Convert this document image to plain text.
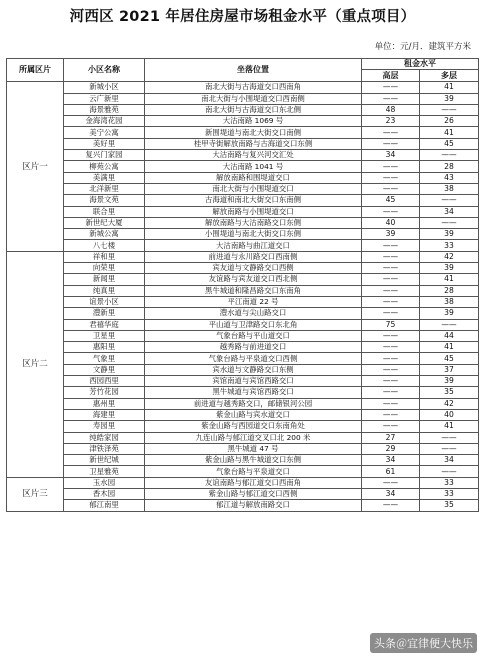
河西区 2021 年居住房屋市场租金水平（重点项目）
单位：元/月．建筑平方米
所属区片	小区名称	坐落位置	租金水平	
			高层	多层
区片一	新城小区	南北大街与古海道交口西南角	——	41
	云广新里	南北大街与小围堤道交口西南侧	——	39
	海景雅苑	南北大街与古海道交口东北侧	48	——
	金海湾花园	大沽南路 1069 号	23	26
	美宁公寓	新围堤道与南北大街交口南侧	——	41
	美好里	桂甲寺街解放南路与古海道交口东侧	——	45
	复兴门家园	大沽南路与复兴河交汇处	34	——
	柳苑公寓	大沽南路 1041 号	——	28
	美满里	解放南路和围堤道交口	——	43
	北洋新里	南北大街与小围堤道交口	——	38
	海景文苑	古海道和南北大街交口东南侧	45	——
	联合里	解放南路与小围堤道交口	——	34
	新世纪大厦	解放南路与大沽南路交口东侧	40	——
	新城公寓	小围堤道与南北大街交口东侧	39	39
	八七楼	大沽南路与曲江道交口	——	33
区片二	祥和里	前进道与永川路交口西南侧	——	42
	向荣里	宾友道与文静路交口西侧	——	39
	新闻里	友谊路与宾友道交口西北侧	——	41
	纯真里	黑牛城道和隆昌路交口东南角	——	28
	谊景小区	平江南道 22 号	——	38
	澧新里	澧水道与尖山路交口	——	39
	君禧华庭	平山道与卫津路交口东北角	75	——
	卫星里	气象台路与平山道交口	——	44
	惠阳里	越秀路与前进道交口	——	41
	气象里	气象台路与平泉道交口西侧	——	45
	文静里	宾水道与文静路交口东侧	——	37
	西园西里	宾馆南道与宾馆西路交口	——	39
	芳竹花园	黑牛城道与宾馆西路交口	——	35
	惠州里	前进道与越秀路交口，邮储银河公园	——	42
	海建里	紫金山路与宾水道交口	——	40
	寿园里	紫金山路与西园道交口东南角处	——	41
	纯皓家园	九连山路与郁江道交叉口北 200 米	27	——
	津铁泽苑	黑牛城道 47 号	29	——
	新世纪城	紫金山路与黑牛城道交口东侧	34	34
	卫星雅苑	气象台路与平泉道交口	61	——
区片三	玉水园	友谊南路与郁江道交口西南角	——	33
	香木园	紫金山路与郁江道交口西侧	34	33
	郁江南里	郁江道与解放南路交口	——	35
头条＠宜律便大快乐
